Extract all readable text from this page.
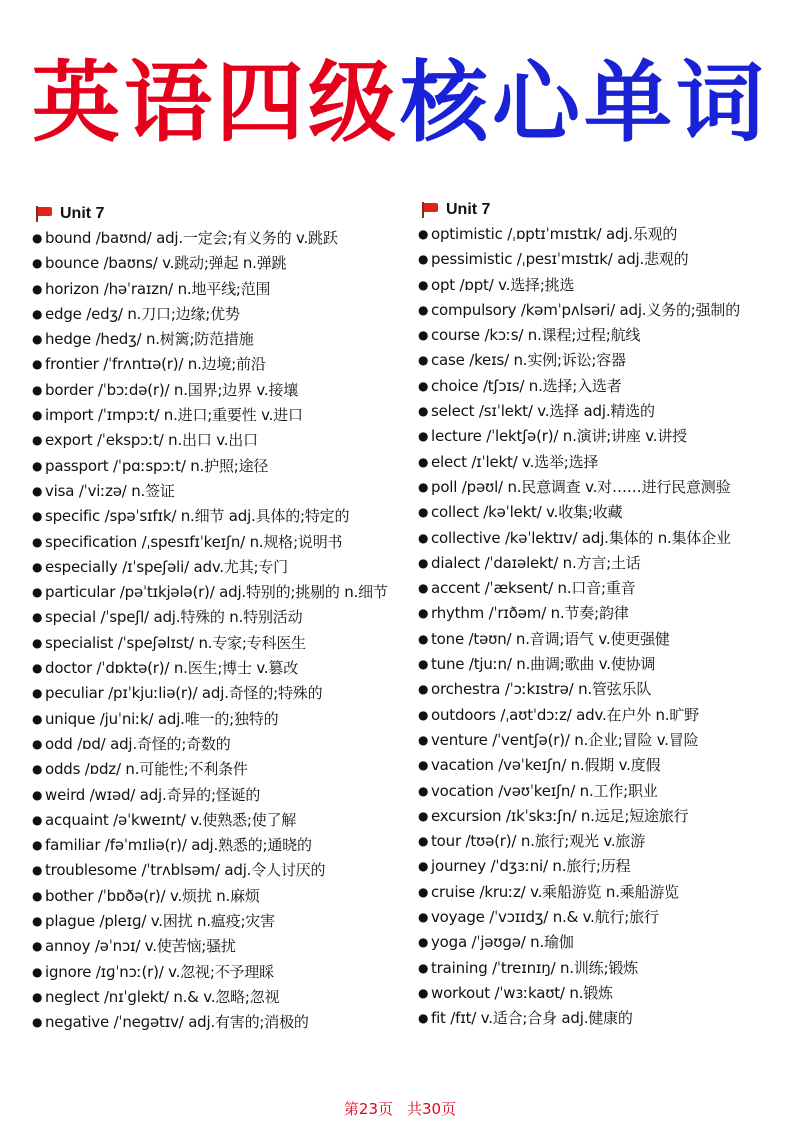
英语四级核心单词
Unit 7
● bound /baʊnd/ adj.一定会;有义务的 v.跳跃
● bounce /baʊns/ v.跳动;弹起 n.弹跳
● horizon /həˈraɪzn/ n.地平线;范围
● edge /edʒ/ n.刀口;边缘;优势
● hedge /hedʒ/ n.树篱;防范措施
● frontier /ˈfrʌntɪə(r)/ n.边境;前沿
● border /ˈbɔːdə(r)/ n.国界;边界 v.接壤
● import /ˈɪmpɔːt/ n.进口;重要性 v.进口
● export /ˈekspɔːt/ n.出口 v.出口
● passport /ˈpɑːspɔːt/ n.护照;途径
● visa /ˈviːzə/ n.签证
● specific /spəˈsɪfɪk/ n.细节 adj.具体的;特定的
● specification /ˌspesɪfɪˈkeɪʃn/ n.规格;说明书
● especially /ɪˈspeʃəli/ adv.尤其;专门
● particular /pəˈtɪkjələ(r)/ adj.特别的;挑剔的 n.细节
● special /ˈspeʃl/ adj.特殊的 n.特别活动
● specialist /ˈspeʃəlɪst/ n.专家;专科医生
● doctor /ˈdɒktə(r)/ n.医生;博士 v.篡改
● peculiar /pɪˈkjuːliə(r)/ adj.奇怪的;特殊的
● unique /juˈniːk/ adj.唯一的;独特的
● odd /ɒd/ adj.奇怪的;奇数的
● odds /ɒdz/ n.可能性;不利条件
● weird /wɪəd/ adj.奇异的;怪诞的
● acquaint /əˈkweɪnt/ v.使熟悉;使了解
● familiar /fəˈmɪliə(r)/ adj.熟悉的;通晓的
● troublesome /ˈtrʌblsəm/ adj.令人讨厌的
● bother /ˈbɒðə(r)/ v.烦扰 n.麻烦
● plague /pleɪɡ/ v.困扰 n.瘟疫;灾害
● annoy /əˈnɔɪ/ v.使苦恼;骚扰
● ignore /ɪɡˈnɔː(r)/ v.忽视;不予理睬
● neglect /nɪˈɡlekt/ n.& v.忽略;忽视
● negative /ˈneɡətɪv/ adj.有害的;消极的
Unit 7
● optimistic /ˌɒptɪˈmɪstɪk/ adj.乐观的
● pessimistic /ˌpesɪˈmɪstɪk/ adj.悲观的
● opt /ɒpt/ v.选择;挑选
● compulsory /kəmˈpʌlsəri/ adj.义务的;强制的
● course /kɔːs/ n.课程;过程;航线
● case /keɪs/ n.实例;诉讼;容器
● choice /tʃɔɪs/ n.选择;入选者
● select /sɪˈlekt/ v.选择 adj.精选的
● lecture /ˈlektʃə(r)/ n.演讲;讲座 v.讲授
● elect /ɪˈlekt/ v.选举;选择
● poll /pəʊl/ n.民意调查 v.对……进行民意测验
● collect /kəˈlekt/ v.收集;收藏
● collective /kəˈlektɪv/ adj.集体的 n.集体企业
● dialect /ˈdaɪəlekt/ n.方言;土话
● accent /ˈæksent/ n.口音;重音
● rhythm /ˈrɪðəm/ n.节奏;韵律
● tone /təʊn/ n.音调;语气 v.使更强健
● tune /tjuːn/ n.曲调;歌曲 v.使协调
● orchestra /ˈɔːkɪstrə/ n.管弦乐队
● outdoors /ˌaʊtˈdɔːz/ adv.在户外 n.旷野
● venture /ˈventʃə(r)/ n.企业;冒险 v.冒险
● vacation /vəˈkeɪʃn/ n.假期 v.度假
● vocation /vəʊˈkeɪʃn/ n.工作;职业
● excursion /ɪkˈskɜːʃn/ n.远足;短途旅行
● tour /tʊə(r)/ n.旅行;观光 v.旅游
● journey /ˈdʒɜːni/ n.旅行;历程
● cruise /kruːz/ v.乘船游览 n.乘船游览
● voyage /ˈvɔɪɪdʒ/ n.& v.航行;旅行
● yoga /ˈjəʊɡə/ n.瑜伽
● training /ˈtreɪnɪŋ/ n.训练;锻炼
● workout /ˈwɜːkaʊt/ n.锻炼
● fit /fɪt/ v.适合;合身 adj.健康的
第23页 共30页
